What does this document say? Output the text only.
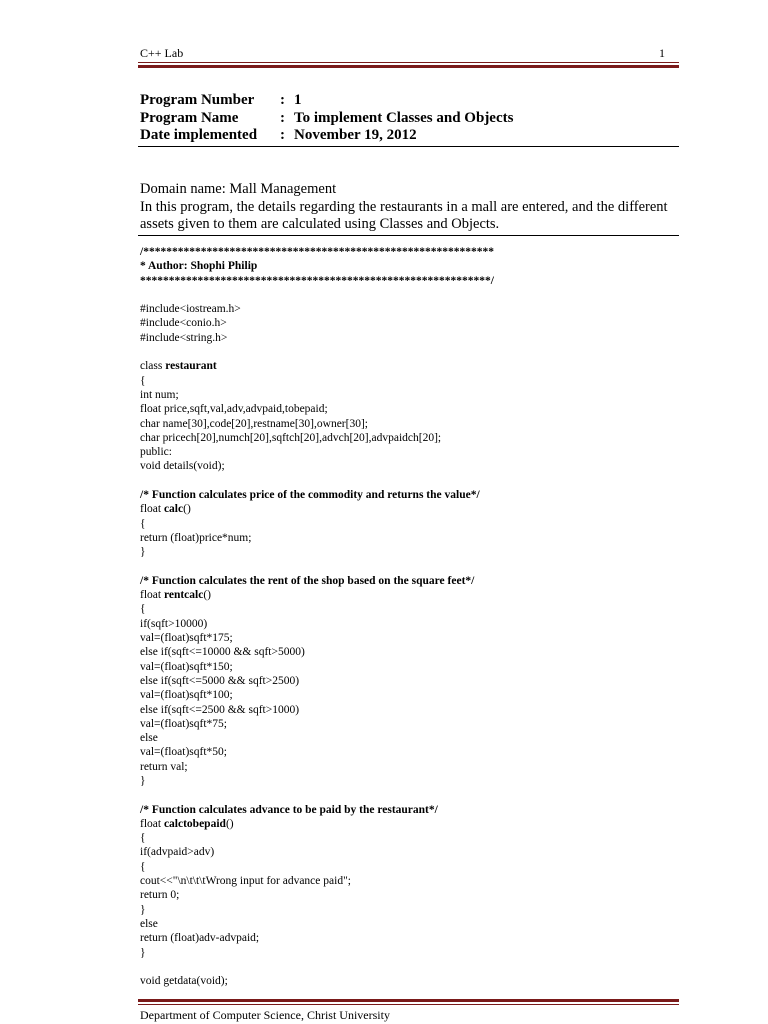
C++ Lab	1
Program Number	: 1
Program Name	: To implement Classes and Objects
Date implemented	: November 19, 2012
Domain name: Mall Management
In this program, the details regarding the restaurants in a mall are entered, and the different assets given to them are calculated using Classes and Objects.
/*************************************************************
* Author: Shophi Philip
*************************************************************/
#include<iostream.h>
#include<conio.h>
#include<string.h>
class restaurant
{
int num;
float price,sqft,val,adv,advpaid,tobepaid;
char name[30],code[20],restname[30],owner[30];
char pricech[20],numch[20],sqftch[20],advch[20],advpaidch[20];
public:
void details(void);
/* Function calculates price of the commodity and returns the value*/
float calc()
{
return (float)price*num;
}
/* Function calculates the rent of the shop based on the square feet*/
float rentcalc()
{
if(sqft>10000)
val=(float)sqft*175;
else if(sqft<=10000 && sqft>5000)
val=(float)sqft*150;
else if(sqft<=5000 && sqft>2500)
val=(float)sqft*100;
else if(sqft<=2500 && sqft>1000)
val=(float)sqft*75;
else
val=(float)sqft*50;
return val;
}
/* Function calculates advance to be paid by the restaurant*/
float calctobepaid()
{
if(advpaid>adv)
{
cout<<"\n\t\t\tWrong input for advance paid";
return 0;
}
else
return (float)adv-advpaid;
}
void getdata(void);
Department of Computer Science, Christ University
